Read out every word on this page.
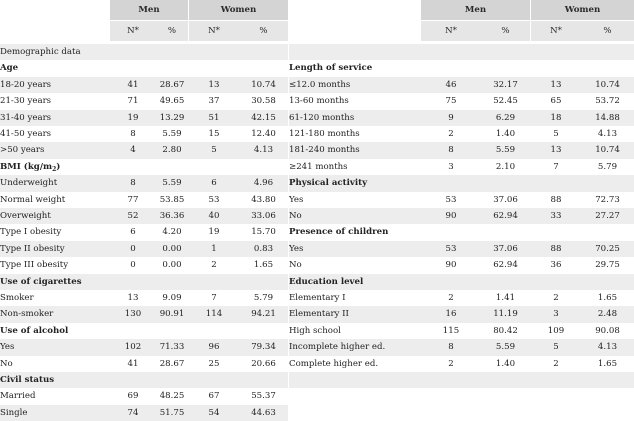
Men	Women	Men	Women
N*	%	N*	%	N*	%	N*	%
Demographic data
Age
18-20 years	41	28.67	13	10.74
21-30 years	71	49.65	37	30.58
31-40 years	19	13.29	51	42.15
41-50 years	8	5.59	15	12.40
>50 years	4	2.80	5	4.13
BMI $(kg/m_2)$
Underweight	8	5.59	6	4.96
Normal weight	77	53.85	53	43.80
Overweight	52	36.36	40	33.06
Type I obesity	6	4.20	19	15.70
Type II obesity	0	0.00	1	0.83
Type III obesity	0	0.00	2	1.65
Use of cigarettes
Smoker	13	9.09	7	5.79
Non-smoker	130	90.91	114	94.21
Use of alcohol
Yes	102	71.33	96	79.34
No	41	28.67	25	20.66
Civil status
Married	69	48.25	67	55.37
Single	74	51.75	54	44.63
Length of service
≤12.0 months	46	32.17	13	10.74
13-60 months	75	52.45	65	53.72
61-120 months	9	6.29	18	14.88
121-180 months	2	1.40	5	4.13
181-240 months	8	5.59	13	10.74
≥241 months	3	2.10	7	5.79
Physical activity
Yes	53	37.06	88	72.73
No	90	62.94	33	27.27
Presence of children
Yes	53	37.06	88	70.25
No	90	62.94	36	29.75
Education level
Elementary I	2	1.41	2	1.65
Elementary II	16	11.19	3	2.48
High school	115	80.42	109	90.08
Incomplete higher ed.	8	5.59	5	4.13
Complete higher ed.	2	1.40	2	1.65
